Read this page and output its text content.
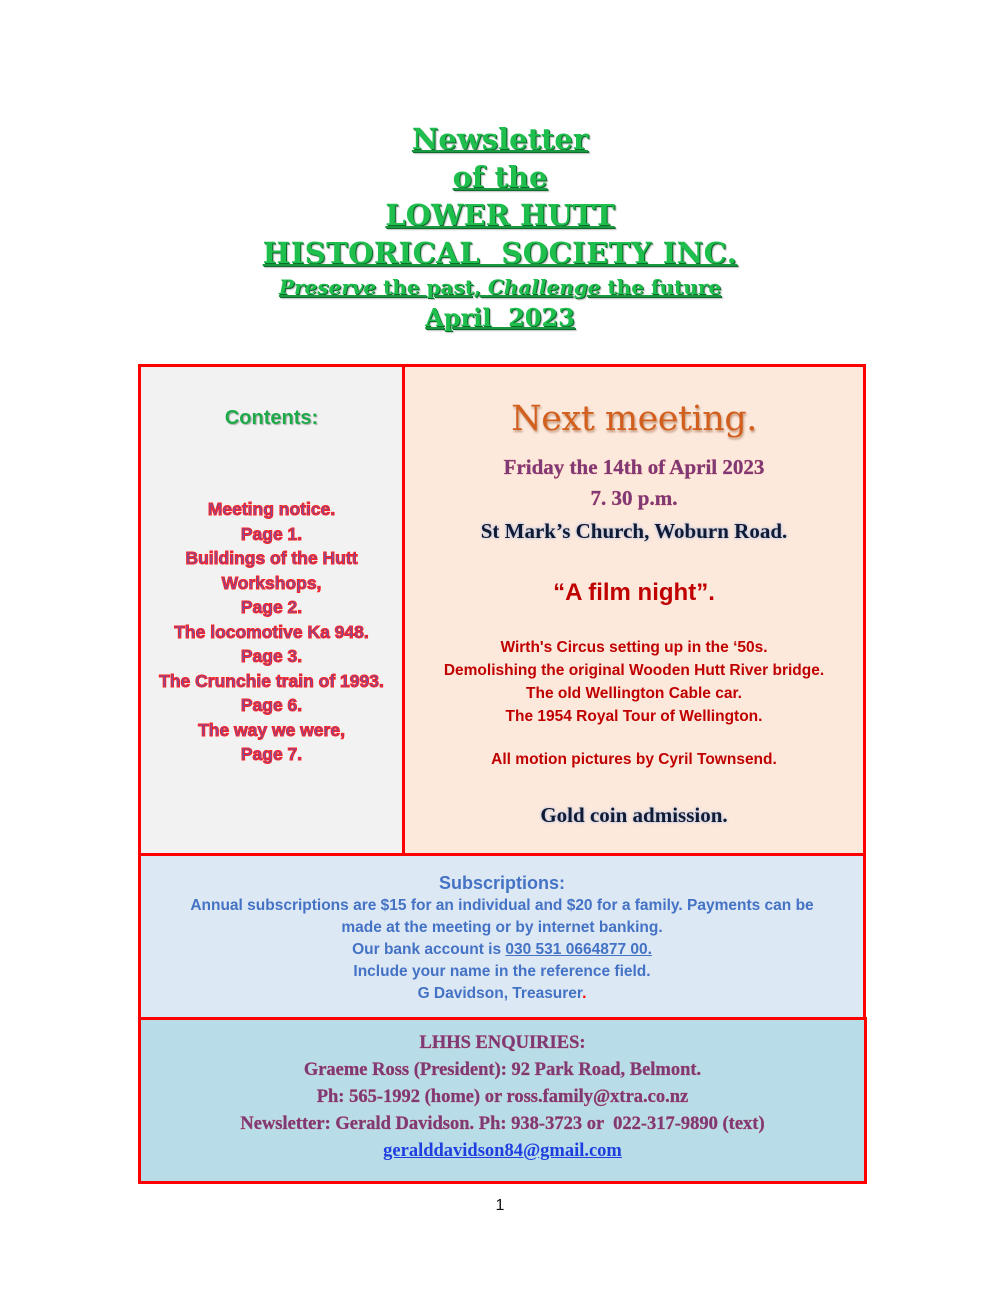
Newsletter
of the
LOWER HUTT
HISTORICAL  SOCIETY INC.
Preserve the past, Challenge the future
April  2023
Contents:
Meeting notice.
Page 1.
Buildings of the Hutt
Workshops,
Page 2.
The locomotive Ka 948.
Page 3.
The Crunchie train of 1993.
Page 6.
The way we were,
Page 7.
Next meeting.
Friday the 14th of April 2023
7. 30 p.m.
St Mark’s Church, Woburn Road.
“A film night”.
Wirth's Circus setting up in the ‘50s.
Demolishing the original Wooden Hutt River bridge.
The old Wellington Cable car.
The 1954 Royal Tour of Wellington.
All motion pictures by Cyril Townsend.
Gold coin admission.
Subscriptions:
Annual subscriptions are $15 for an individual and $20 for a family. Payments can be
made at the meeting or by internet banking.
Our bank account is 030 531 0664877 00.
Include your name in the reference field.
G Davidson, Treasurer.
LHHS ENQUIRIES:
Graeme Ross (President): 92 Park Road, Belmont.
Ph: 565-1992 (home) or ross.family@xtra.co.nz
Newsletter: Gerald Davidson. Ph: 938-3723 or  022-317-9890 (text)
geralddavidson84@gmail.com
1
